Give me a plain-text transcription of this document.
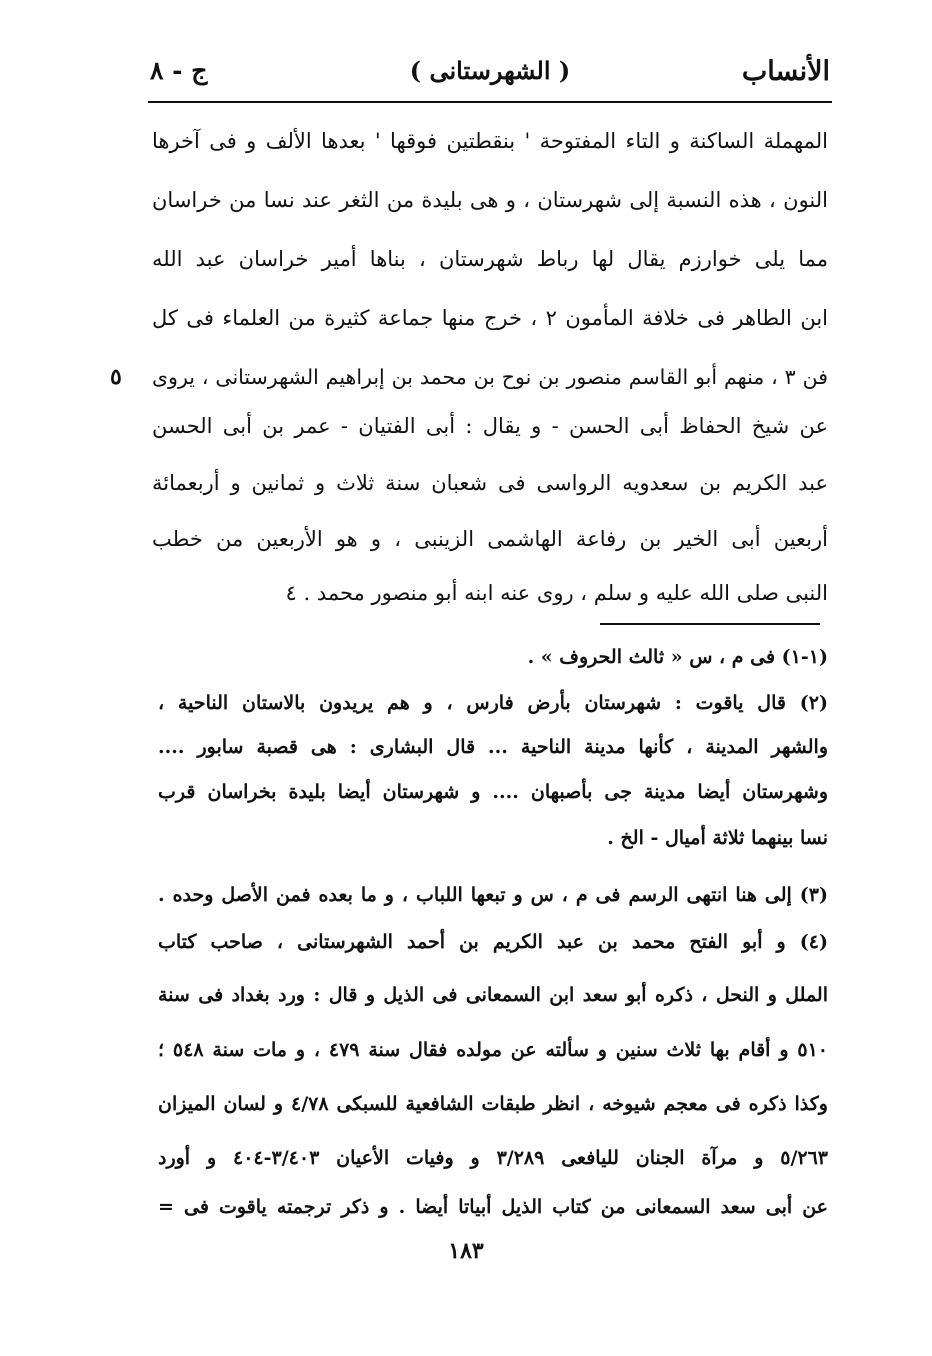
الأنساب
( الشهرستانى )
ج - ٨
المهملة الساكنة و التاء المفتوحة ' بنقطتين فوقها ' بعدها الألف و فى آخرها
النون ، هذه النسبة إلى شهرستان ، و هى بليدة من الثغر عند نسا من خراسان
مما يلى خوارزم يقال لها رباط شهرستان ، بناها أمير خراسان عبد الله
ابن الطاهر فى خلافة المأمون ٢ ، خرج منها جماعة كثيرة من العلماء فى كل
فن ٣ ، منهم أبو القاسم منصور بن نوح بن محمد بن إبراهيم الشهرستانى ، يروى
عن شيخ الحفاظ أبى الحسن - و يقال : أبى الفتيان - عمر بن أبى الحسن
عبد الكريم بن سعدويه الرواسى فى شعبان سنة ثلاث و ثمانين و أربعمائة
أربعين أبى الخير بن رفاعة الهاشمى الزينبى ، و هو الأربعين من خطب
النبى صلى الله عليه و سلم ، روى عنه ابنه أبو منصور محمد . ٤
٥
(١-١) فى م ، س « ثالث الحروف » .
(٢) قال ياقوت : شهرستان بأرض فارس ، و هم يريدون بالاستان الناحية ،
والشهر المدينة ، كأنها مدينة الناحية ... قال البشارى : هى قصبة سابور ....
وشهرستان أيضا مدينة جى بأصبهان .... و شهرستان أيضا بليدة بخراسان قرب
نسا بينهما ثلاثة أميال - الخ .
(٣) إلى هنا انتهى الرسم فى م ، س و تبعها اللباب ، و ما بعده فمن الأصل وحده .
(٤) و أبو الفتح محمد بن عبد الكريم بن أحمد الشهرستانى ، صاحب كتاب
الملل و النحل ، ذكره أبو سعد ابن السمعانى فى الذيل و قال : ورد بغداد فى سنة
٥١٠ و أقام بها ثلاث سنين و سألته عن مولده فقال سنة ٤٧٩ ، و مات سنة ٥٤٨ ؛
وكذا ذكره فى معجم شيوخه ، انظر طبقات الشافعية للسبكى ٤/٧٨ و لسان الميزان
٥/٢٦٣ و مرآة الجنان لليافعى ٣/٢٨٩ و وفيات الأعيان ٣/٤٠٣-٤٠٤ و أورد
عن أبى سعد السمعانى من كتاب الذيل أبياتا أيضا . و ذكر ترجمته ياقوت فى =
١٨٣
